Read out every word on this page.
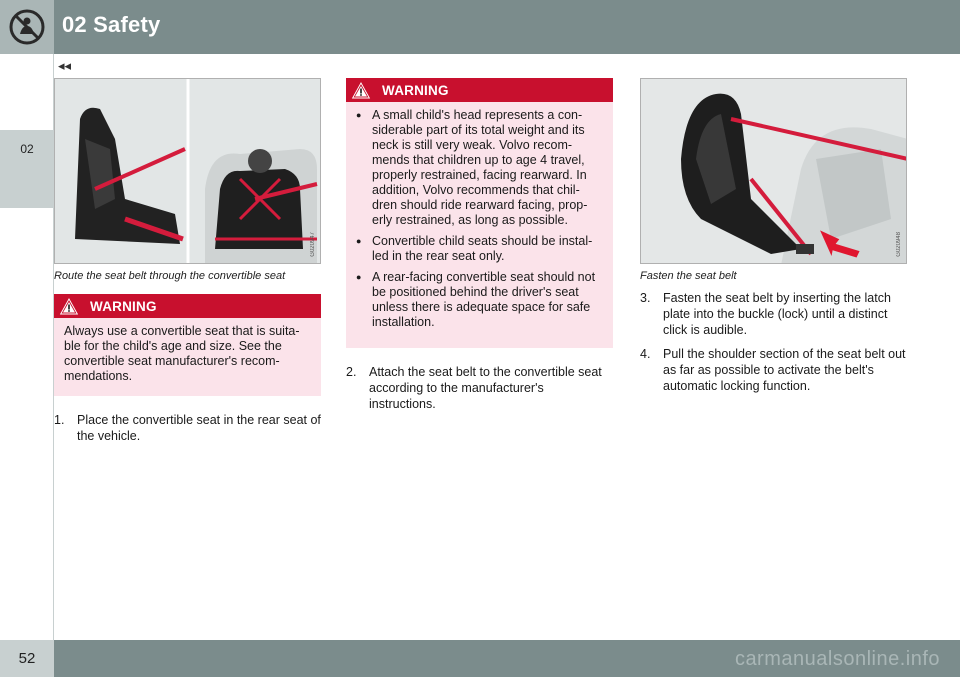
02 Safety
◂◂
02
G020947
Route the seat belt through the convertible seat
WARNING
Always use a convertible seat that is suita-ble for the child's age and size. See the convertible seat manufacturer's recom-mendations.
1.	Place the convertible seat in the rear seat of the vehicle.
WARNING
● A small child's head represents a con-siderable part of its total weight and its neck is still very weak. Volvo recom-mends that children up to age 4 travel, properly restrained, facing rearward. In addition, Volvo recommends that chil-dren should ride rearward facing, prop-erly restrained, as long as possible.
● Convertible child seats should be instal-led in the rear seat only.
● A rear-facing convertible seat should not be positioned behind the driver's seat unless there is adequate space for safe installation.
2.	Attach the seat belt to the convertible seat according to the manufacturer's instructions.
G020948
Fasten the seat belt
3.	Fasten the seat belt by inserting the latch plate into the buckle (lock) until a distinct click is audible.
4.	Pull the shoulder section of the seat belt out as far as possible to activate the belt's automatic locking function.
52	carmanualsonline.info
